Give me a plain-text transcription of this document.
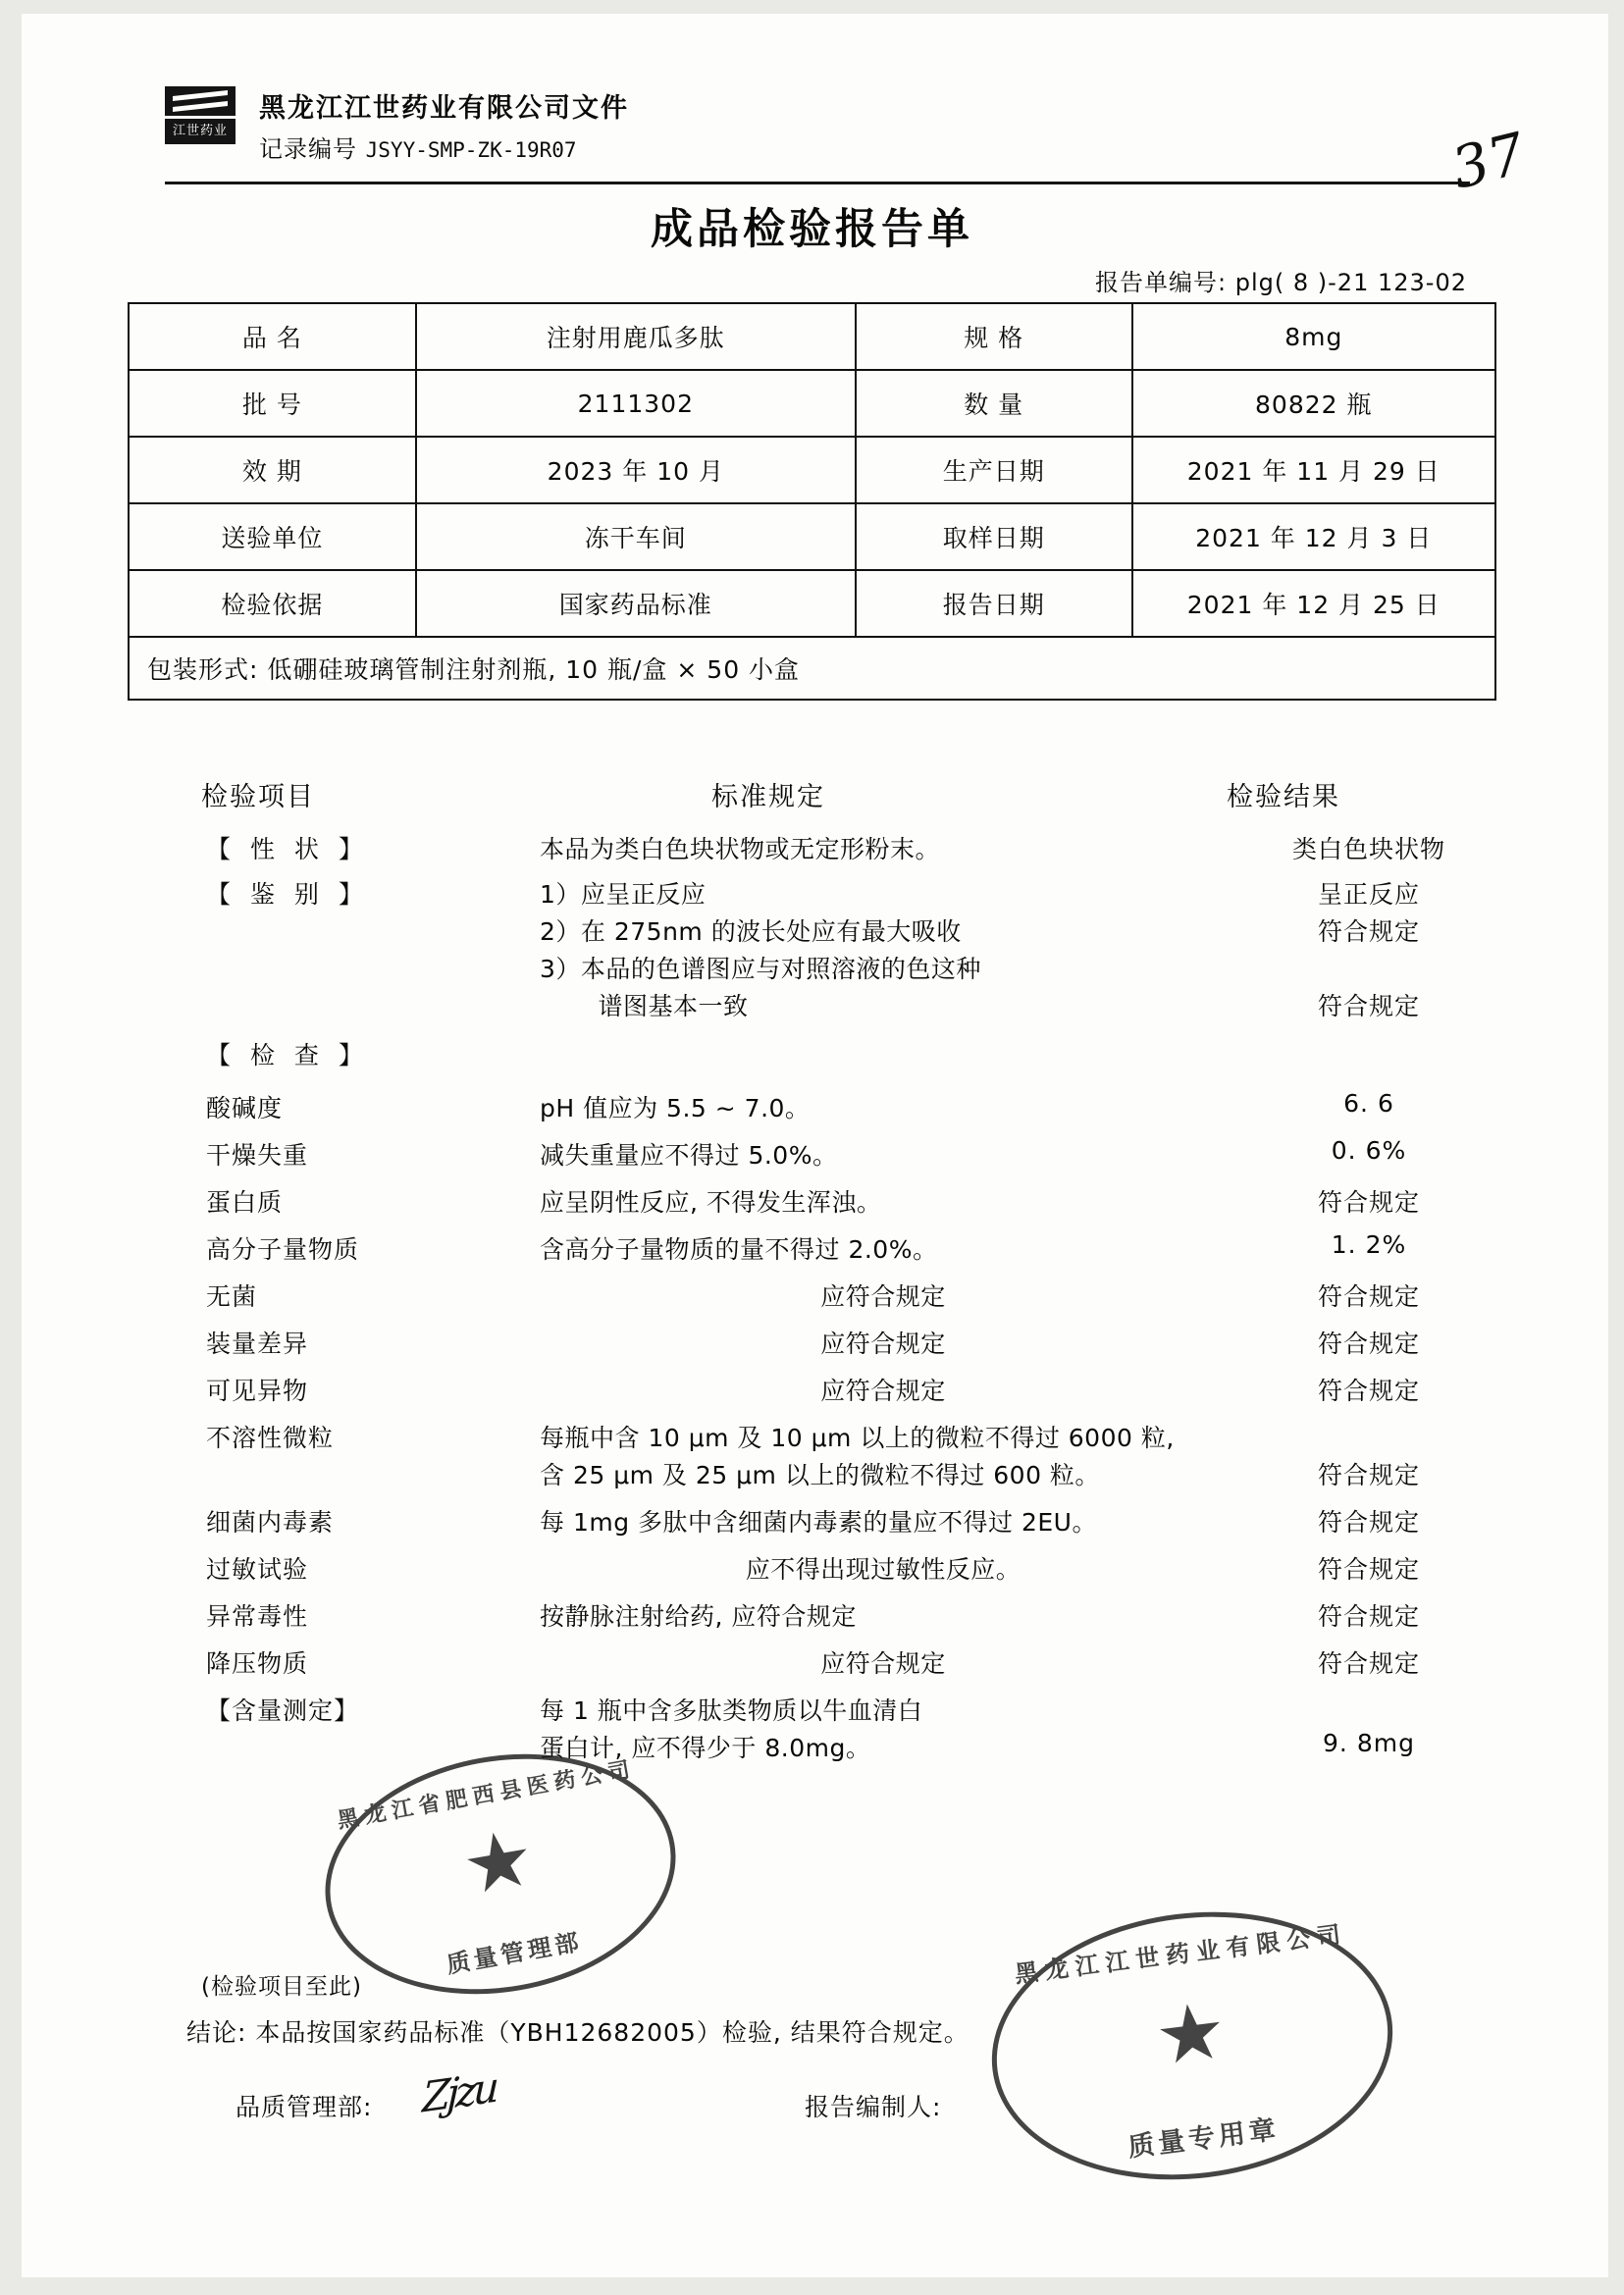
江世药业
黑龙江江世药业有限公司文件
记录编号 JSYY-SMP-ZK-19R07	37
成品检验报告单
报告单编号: plg( 8 )-21 123-02
品 名	注射用鹿瓜多肽	规 格	8mg
批 号	2111302	数 量	80822 瓶
效 期	2023 年 10 月	生产日期	2021 年 11 月 29 日
送验单位	冻干车间	取样日期	2021 年 12 月 3 日
检验依据	国家药品标准	报告日期	2021 年 12 月 25 日
包装形式: 低硼硅玻璃管制注射剂瓶, 10 瓶/盒 × 50 小盒			
检验项目	标准规定	检验结果
【 性 状 】	本品为类白色块状物或无定形粉末。	类白色块状物
【 鉴 别 】	1）应呈正反应	呈正反应
2）在 275nm 的波长处应有最大吸收	符合规定
3）本品的色谱图应与对照溶液的色这种
　　 谱图基本一致	符合规定
【 检 查 】
酸碱度	pH 值应为 5.5 ~ 7.0。	6. 6
干燥失重	减失重量应不得过 5.0%。	0. 6%
蛋白质	应呈阴性反应, 不得发生浑浊。	符合规定
高分子量物质	含高分子量物质的量不得过 2.0%。	1. 2%
无菌	应符合规定	符合规定
装量差异	应符合规定	符合规定
可见异物	应符合规定	符合规定
不溶性微粒	每瓶中含 10 μm 及 10 μm 以上的微粒不得过 6000 粒,
含 25 μm 及 25 μm 以上的微粒不得过 600 粒。	符合规定
细菌内毒素	每 1mg 多肽中含细菌内毒素的量应不得过 2EU。	符合规定
过敏试验	应不得出现过敏性反应。	符合规定
异常毒性	按静脉注射给药, 应符合规定	符合规定
降压物质	应符合规定	符合规定
【含量测定】	每 1 瓶中含多肽类物质以牛血清白
蛋白计, 应不得少于 8.0mg。	9. 8mg
(检验项目至此)
结论: 本品按国家药品标准（YBH12682005）检验, 结果符合规定。
品质管理部: Zjzu	报告编制人:
黑龙江省肥西县医药公司
★
质量管理部	黑龙江江世药业有限公司
★
质量专用章
